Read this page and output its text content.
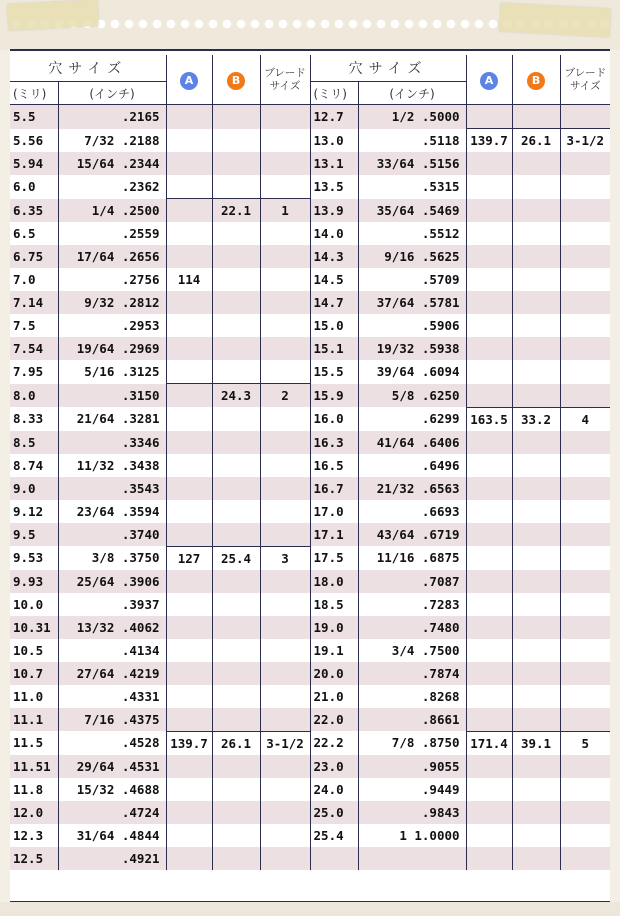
穴サイズ		A	B	ブレード
サイズ	穴サイズ		A	B	ブレード
サイズ
(ミリ)	(インチ)				(ミリ)	(インチ)			
5.5	.2165				12.7	1/2 .5000			
5.56	7/32 .2188				13.0	.5118	139.7	26.1	3-1/2
5.94	15/64 .2344				13.1	33/64 .5156			
6.0	.2362				13.5	.5315			
6.35	1/4 .2500		22.1	1	13.9	35/64 .5469			
6.5	.2559				14.0	.5512			
6.75	17/64 .2656				14.3	9/16 .5625			
7.0	.2756	114			14.5	.5709			
7.14	9/32 .2812				14.7	37/64 .5781			
7.5	.2953				15.0	.5906			
7.54	19/64 .2969				15.1	19/32 .5938			
7.95	5/16 .3125				15.5	39/64 .6094			
8.0	.3150		24.3	2	15.9	5/8 .6250			
8.33	21/64 .3281				16.0	.6299	163.5	33.2	4
8.5	.3346				16.3	41/64 .6406			
8.74	11/32 .3438				16.5	.6496			
9.0	.3543				16.7	21/32 .6563			
9.12	23/64 .3594				17.0	.6693			
9.5	.3740				17.1	43/64 .6719			
9.53	3/8 .3750	127	25.4	3	17.5	11/16 .6875			
9.93	25/64 .3906				18.0	.7087			
10.0	.3937				18.5	.7283			
10.31	13/32 .4062				19.0	.7480			
10.5	.4134				19.1	3/4 .7500			
10.7	27/64 .4219				20.0	.7874			
11.0	.4331				21.0	.8268			
11.1	7/16 .4375				22.0	.8661			
11.5	.4528	139.7	26.1	3-1/2	22.2	7/8 .8750	171.4	39.1	5
11.51	29/64 .4531				23.0	.9055			
11.8	15/32 .4688				24.0	.9449			
12.0	.4724				25.0	.9843			
12.3	31/64 .4844				25.4	1 1.0000			
12.5	.4921								
